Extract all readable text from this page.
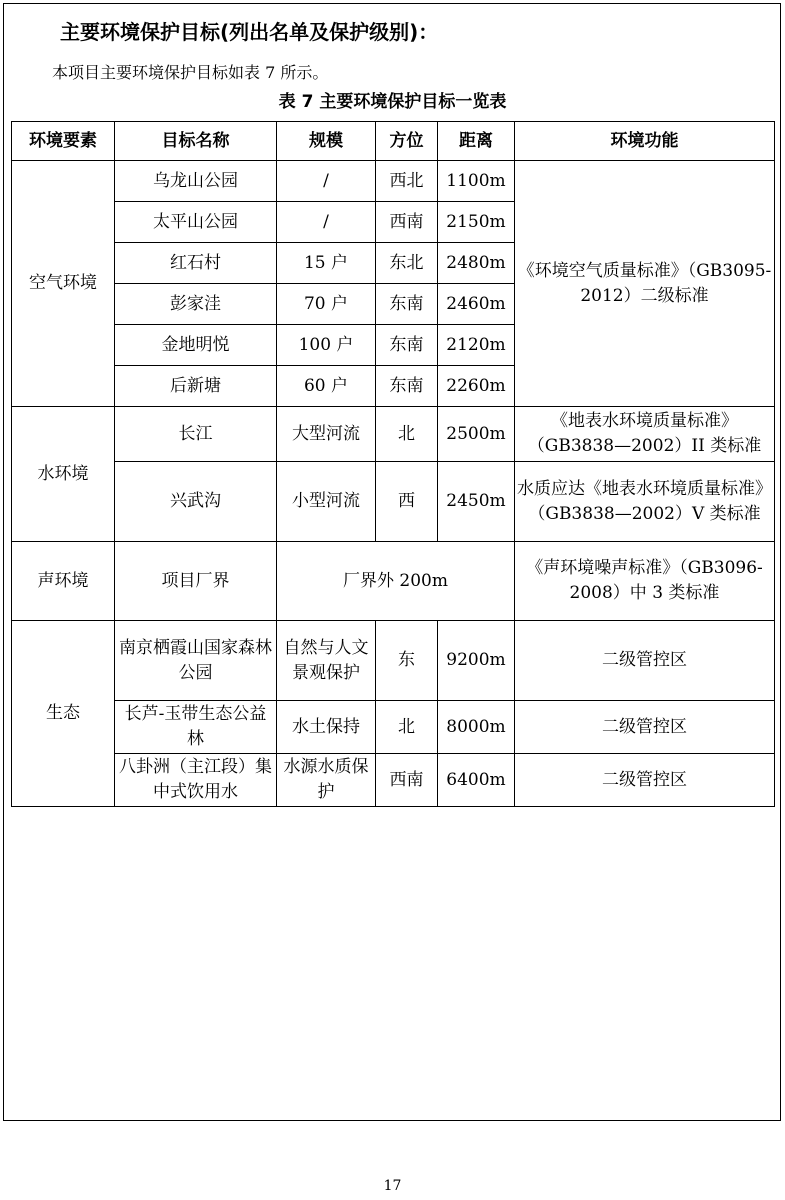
主要环境保护目标(列出名单及保护级别)：
本项目主要环境保护目标如表 7 所示。
表 7 主要环境保护目标一览表
环境要素	目标名称	规模	方位	距离	环境功能
空气环境	乌龙山公园	/	西北	1100m	《环境空气质量标准》（GB3095-2012）二级标准
	太平山公园	/	西南	2150m	
	红石村	15 户	东北	2480m	
	彭家洼	70 户	东南	2460m	
	金地明悦	100 户	东南	2120m	
	后新塘	60 户	东南	2260m	
水环境	长江	大型河流	北	2500m	《地表水环境质量标准》（GB3838—2002）II 类标准
	兴武沟	小型河流	西	2450m	水质应达《地表水环境质量标准》（GB3838—2002）V 类标准
声环境	项目厂界	厂界外 200m			《声环境噪声标准》（GB3096-2008）中 3 类标准
生态	南京栖霞山国家森林公园	自然与人文景观保护	东	9200m	二级管控区
	长芦-玉带生态公益林	水土保持	北	8000m	二级管控区
	八卦洲（主江段）集中式饮用水	水源水质保护	西南	6400m	二级管控区
17
